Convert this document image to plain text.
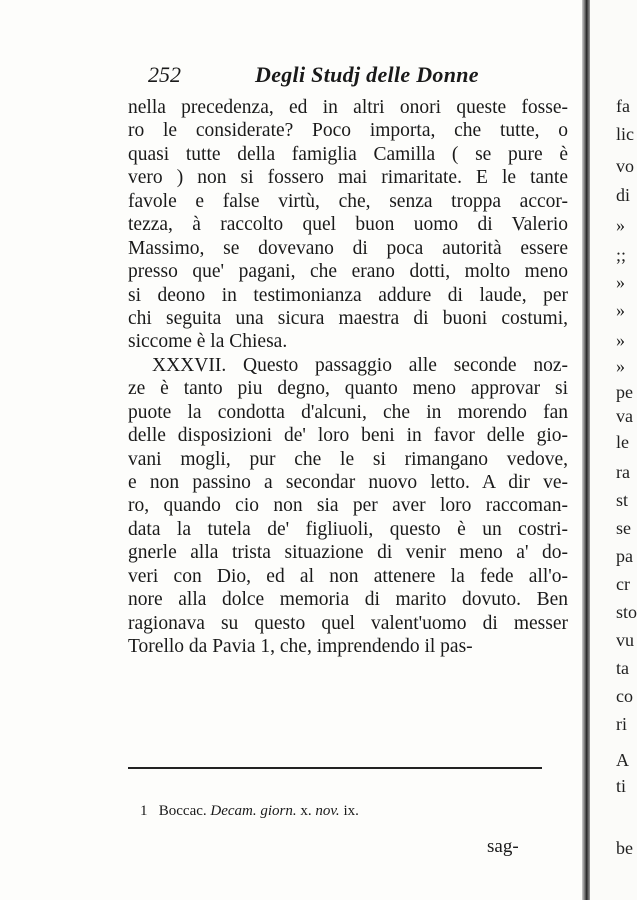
252	Degli Studj delle Donne
nella precedenza, ed in altri onori queste fosse-
ro le considerate? Poco importa, che tutte, o
quasi tutte della famiglia Camilla ( se pure è
vero ) non si fossero mai rimaritate. E le tante
favole e false virtù, che, senza troppa accor-
tezza, à raccolto quel buon uomo di Valerio
Massimo, se dovevano di poca autorità essere
presso que' pagani, che erano dotti, molto meno
si deono in testimonianza addure di laude, per
chi seguita una sicura maestra di buoni costumi,
siccome è la Chiesa.
XXXVII. Questo passaggio alle seconde noz-
ze è tanto piu degno, quanto meno approvar si
puote la condotta d'alcuni, che in morendo fan
delle disposizioni de' loro beni in favor delle gio-
vani mogli, pur che le si rimangano vedove,
e non passino a secondar nuovo letto. A dir ve-
ro, quando cio non sia per aver loro raccoman-
data la tutela de' figliuoli, questo è un costri-
gnerle alla trista situazione di venir meno a' do-
veri con Dio, ed al non attenere la fede all'o-
nore alla dolce memoria di marito dovuto. Ben
ragionava su questo quel valent'uomo di messer
Torello da Pavia 1, che, imprendendo il pas-
1 Boccac. Decam. giorn. x. nov. ix.
sag-
fa
lic
vo
di
»
;;
»
»
»
»
pe
va
le
ra
st
se
pa
cr
sto
vu
ta
co
ri
A
ti
be
